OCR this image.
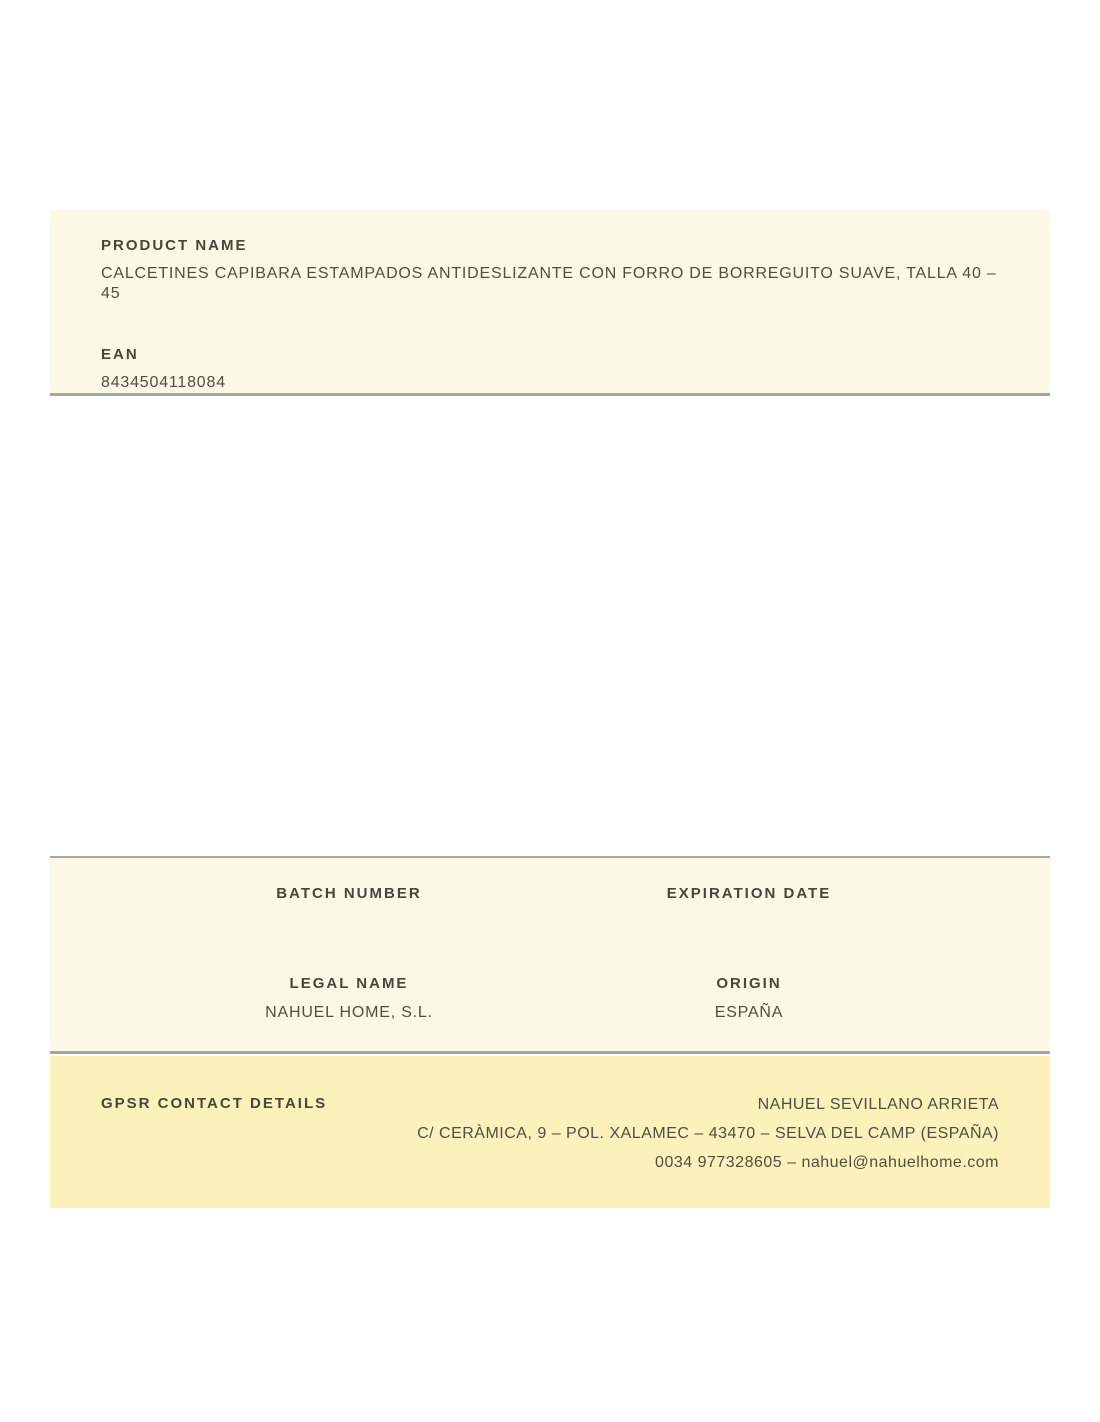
PRODUCT NAME
CALCETINES CAPIBARA ESTAMPADOS ANTIDESLIZANTE CON FORRO DE BORREGUITO SUAVE, TALLA 40 – 45
EAN
8434504118084
BATCH NUMBER	EXPIRATION DATE
LEGAL NAME
NAHUEL HOME, S.L.
ORIGIN
ESPAÑA
GPSR CONTACT DETAILS	NAHUEL SEVILLANO ARRIETA
C/ CERÀMICA, 9 – POL. XALAMEC – 43470 – SELVA DEL CAMP (ESPAÑA)
0034 977328605 – nahuel@nahuelhome.com
